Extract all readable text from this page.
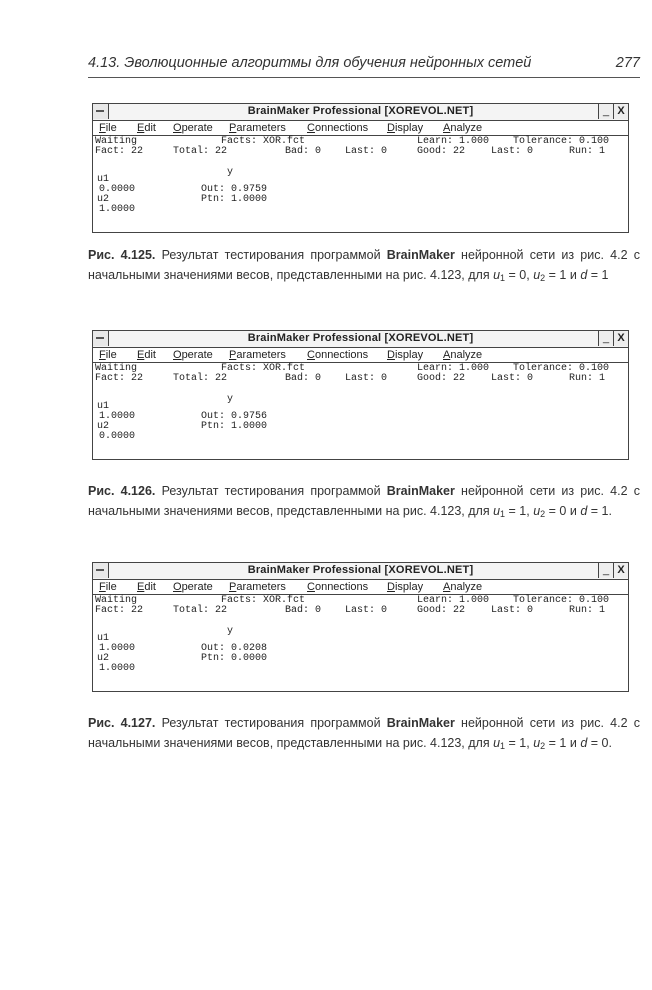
4.13. Эволюционные алгоритмы для обучения нейронных сетей	277
BrainMaker Professional [XOREVOL.NET]	_ X
File Edit Operate Parameters Connections Display Analyze

Waiting

	Facts: XOR.fct

	Learn: 1.000

Tolerance: 0.100

Fact: 22

	Total: 22

	Bad: 0

Last: 0

	Good: 22

	Last: 0

	Run: 1

u1

y

0.0000

	Out: 0.9759

u2

	Ptn: 1.0000

1.0000

Рис. 4.125. Результат тестирования программой BrainMaker нейронной сети из рис. 4.2 с начальными значениями весов, представленными на рис. 4.123, для $u_1 = 0$, $u_2 = 1$ и d = 1
BrainMaker Professional [XOREVOL.NET]	_ X
File Edit Operate Parameters Connections Display Analyze

Waiting

	Facts: XOR.fct

	Learn: 1.000

Tolerance: 0.100

Fact: 22

	Total: 22

	Bad: 0

Last: 0

	Good: 22

	Last: 0

	Run: 1

u1

y

1.0000

	Out: 0.9756

u2

	Ptn: 1.0000

0.0000

Рис. 4.126. Результат тестирования программой BrainMaker нейронной сети из рис. 4.2 с начальными значениями весов, представленными на рис. 4.123, для $u_1 = 1$, $u_2 = 0$ и d = 1.
BrainMaker Professional [XOREVOL.NET]	_ X
File Edit Operate Parameters Connections Display Analyze

Waiting

	Facts: XOR.fct

	Learn: 1.000

Tolerance: 0.100

Fact: 22

	Total: 22

	Bad: 0

Last: 0

	Good: 22

	Last: 0

	Run: 1

u1

y

1.0000

	Out: 0.0208

u2

	Ptn: 0.0000

1.0000

Рис. 4.127. Результат тестирования программой BrainMaker нейронной сети из рис. 4.2 с начальными значениями весов, представленными на рис. 4.123, для $u_1 = 1$, $u_2 = 1$ и d = 0.
